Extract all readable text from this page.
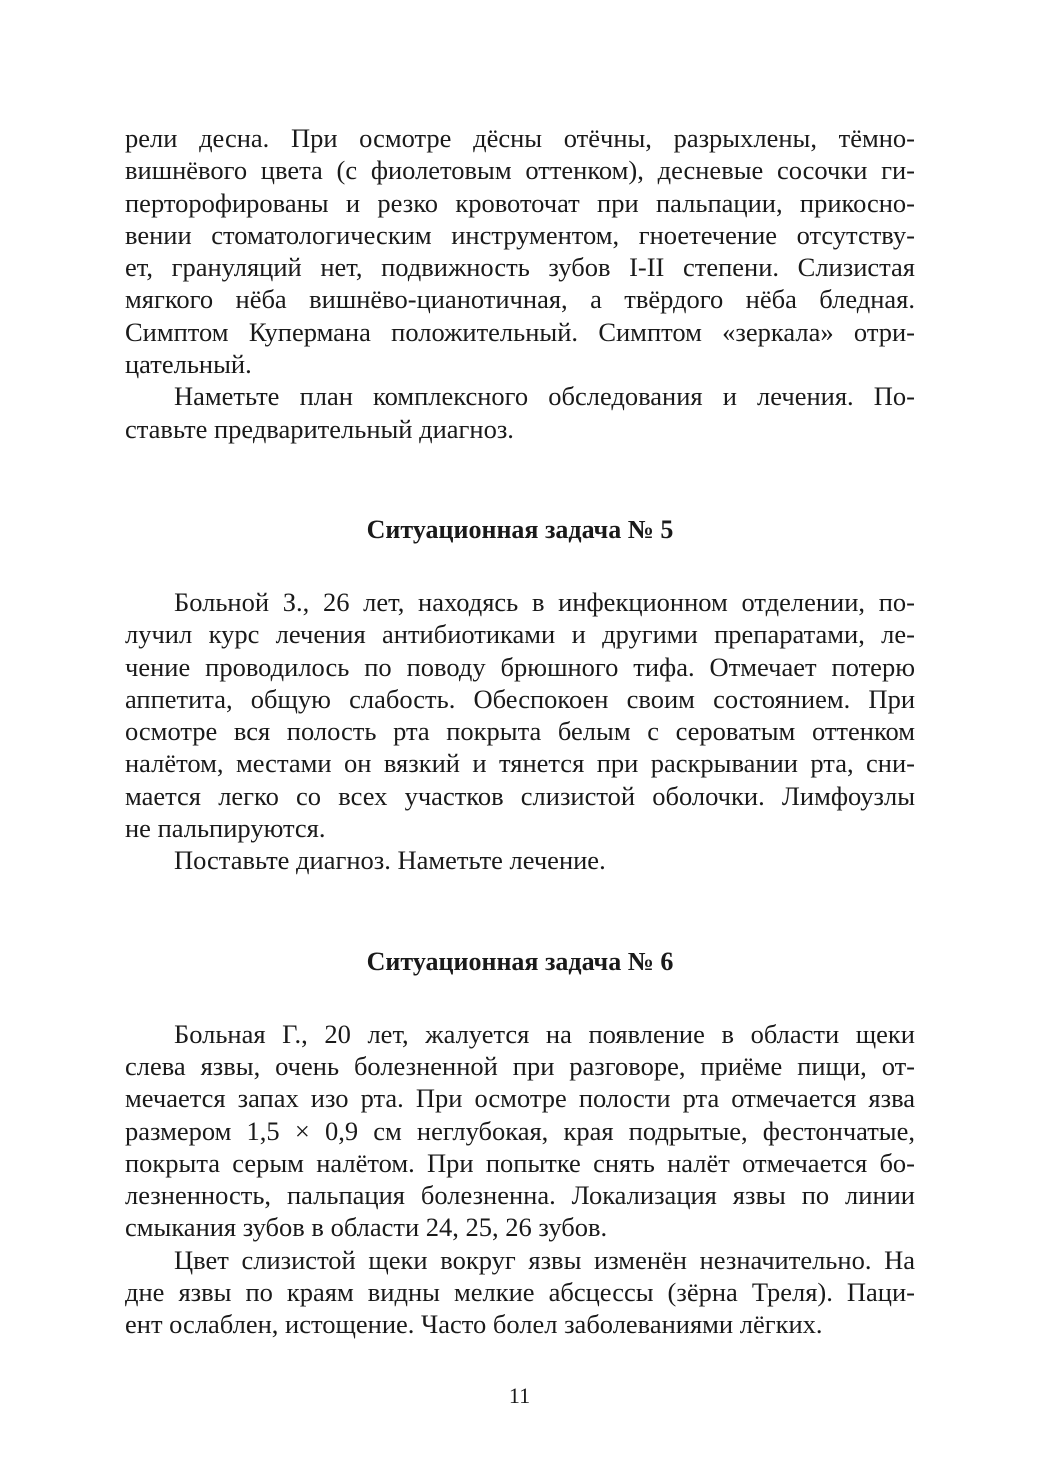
рели десна. При осмотре дёсны отёчны, разрыхлены, тёмно-
вишнёвого цвета (с фиолетовым оттенком), десневые сосочки ги-
перторофированы и резко кровоточат при пальпации, прикосно-
вении стоматологическим инструментом, гноетечение отсутству-
ет, грануляций нет, подвижность зубов I-II степени. Слизистая
мягкого нёба вишнёво-цианотичная, а твёрдого нёба бледная.
Симптом Купермана положительный. Симптом «зеркала» отри-
цательный.
Наметьте план комплексного обследования и лечения. По-
ставьте предварительный диагноз.
Ситуационная задача № 5
Больной З., 26 лет, находясь в инфекционном отделении, по-
лучил курс лечения антибиотиками и другими препаратами, ле-
чение проводилось по поводу брюшного тифа. Отмечает потерю
аппетита, общую слабость. Обеспокоен своим состоянием. При
осмотре вся полость рта покрыта белым с сероватым оттенком
налётом, местами он вязкий и тянется при раскрывании рта, сни-
мается легко со всех участков слизистой оболочки. Лимфоузлы
не пальпируются.
Поставьте диагноз. Наметьте лечение.
Ситуационная задача № 6
Больная Г., 20 лет, жалуется на появление в области щеки
слева язвы, очень болезненной при разговоре, приёме пищи, от-
мечается запах изо рта. При осмотре полости рта отмечается язва
размером 1,5 × 0,9 см неглубокая, края подрытые, фестончатые,
покрыта серым налётом. При попытке снять налёт отмечается бо-
лезненность, пальпация болезненна. Локализация язвы по линии
смыкания зубов в области 24, 25, 26 зубов.
Цвет слизистой щеки вокруг язвы изменён незначительно. На
дне язвы по краям видны мелкие абсцессы (зёрна Треля). Паци-
ент ослаблен, истощение. Часто болел заболеваниями лёгких.
11
